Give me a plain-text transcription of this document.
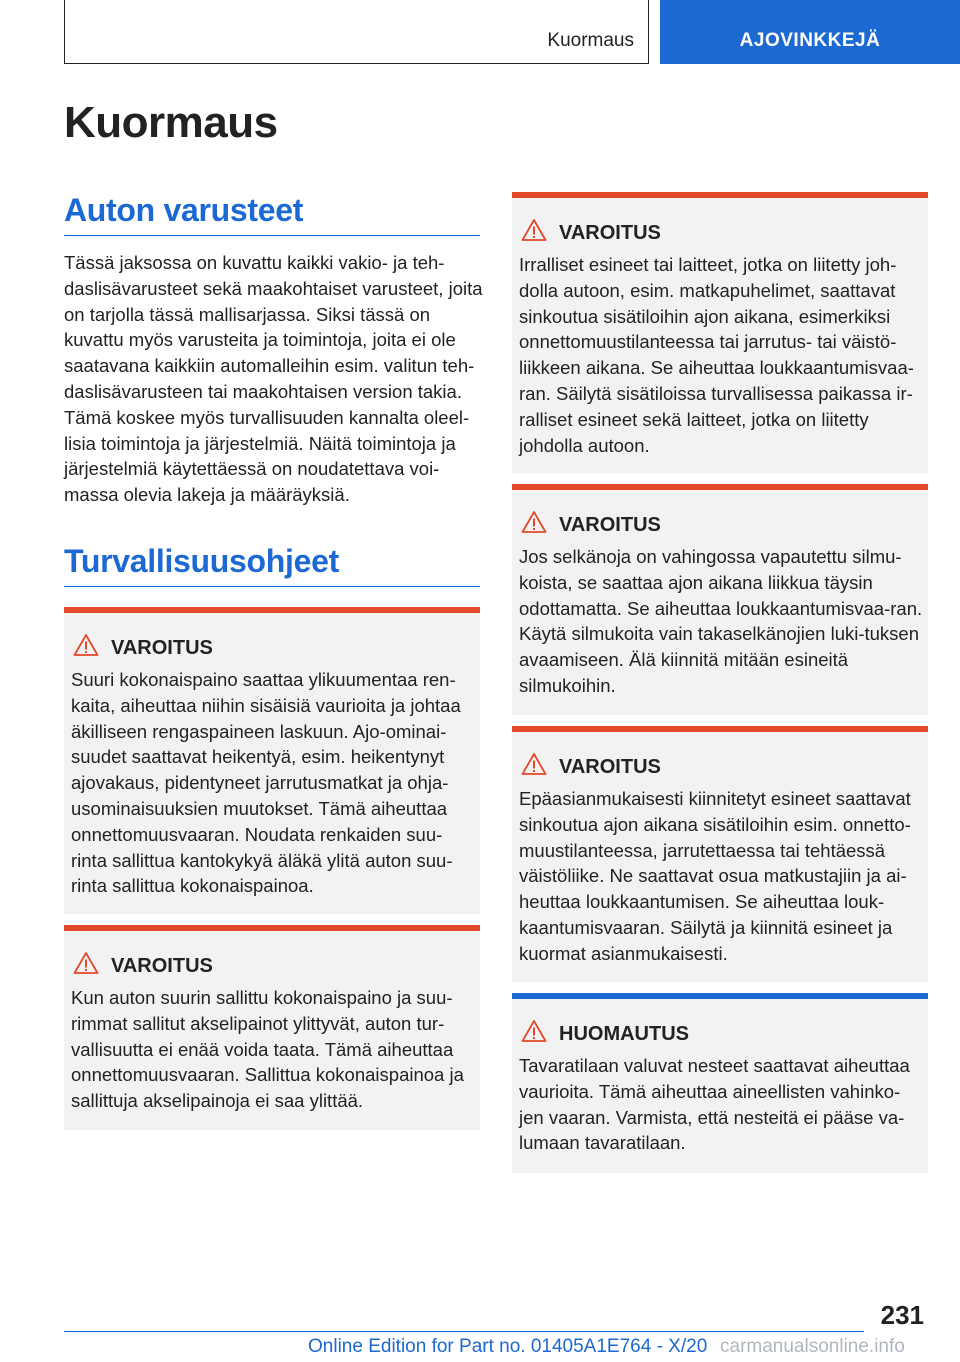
Kuormaus	AJOVINKKEJÄ
Kuormaus
Auton varusteet

Tässä jaksossa on kuvattu kaikki vakio- ja teh-daslisävarusteet sekä maakohtaiset varusteet, joita on tarjolla tässä mallisarjassa. Siksi tässä on kuvattu myös varusteita ja toimintoja, joita ei ole saatavana kaikkiin automalleihin esim. valitun teh-daslisävarusteen tai maakohtaisen version takia. Tämä koskee myös turvallisuuden kannalta oleel-lisia toimintoja ja järjestelmiä. Näitä toimintoja ja järjestelmiä käytettäessä on noudatettava voi-massa olevia lakeja ja määräyksiä.

Turvallisuusohjeet
VAROITUS

Suuri kokonaispaino saattaa ylikuumentaa ren-kaita, aiheuttaa niihin sisäisiä vaurioita ja johtaa äkilliseen rengaspaineen laskuun. Ajo-ominai-suudet saattavat heikentyä, esim. heikentynyt ajovakaus, pidentyneet jarrutusmatkat ja ohja-usominaisuuksien muutokset. Tämä aiheuttaa onnettomuusvaaran. Noudata renkaiden suu-rinta sallittua kantokykyä äläkä ylitä auton suu-rinta sallittua kokonaispainoa.

VAROITUS

Kun auton suurin sallittu kokonaispaino ja suu-rimmat sallitut akselipainot ylittyvät, auton tur-vallisuutta ei enää voida taata. Tämä aiheuttaa onnettomuusvaaran. Sallittua kokonaispainoa ja sallittuja akselipainoja ei saa ylittää.

VAROITUS

Irralliset esineet tai laitteet, jotka on liitetty joh-dolla autoon, esim. matkapuhelimet, saattavat sinkoutua sisätiloihin ajon aikana, esimerkiksi onnettomuustilanteessa tai jarrutus- tai väistö-liikkeen aikana. Se aiheuttaa loukkaantumisvaa-ran. Säilytä sisätiloissa turvallisessa paikassa ir-ralliset esineet sekä laitteet, jotka on liitetty johdolla autoon.

VAROITUS

Jos selkänoja on vahingossa vapautettu silmu-koista, se saattaa ajon aikana liikkua täysin odottamatta. Se aiheuttaa loukkaantumisvaa-ran. Käytä silmukoita vain takaselkänojien luki-tuksen avaamiseen. Älä kiinnitä mitään esineitä silmukoihin.

VAROITUS

Epäasianmukaisesti kiinnitetyt esineet saattavat sinkoutua ajon aikana sisätiloihin esim. onnetto-muustilanteessa, jarrutettaessa tai tehtäessä väistöliike. Ne saattavat osua matkustajiin ja ai-heuttaa loukkaantumisen. Se aiheuttaa louk-kaantumisvaaran. Säilytä ja kiinnitä esineet ja kuormat asianmukaisesti.

HUOMAUTUS

Tavaratilaan valuvat nesteet saattavat aiheuttaa vaurioita. Tämä aiheuttaa aineellisten vahinko-jen vaaran. Varmista, että nesteitä ei pääse va-lumaan tavaratilaan.

231
Online Edition for Part no. 01405A1E764 - X/20 carmanualsonline.info
